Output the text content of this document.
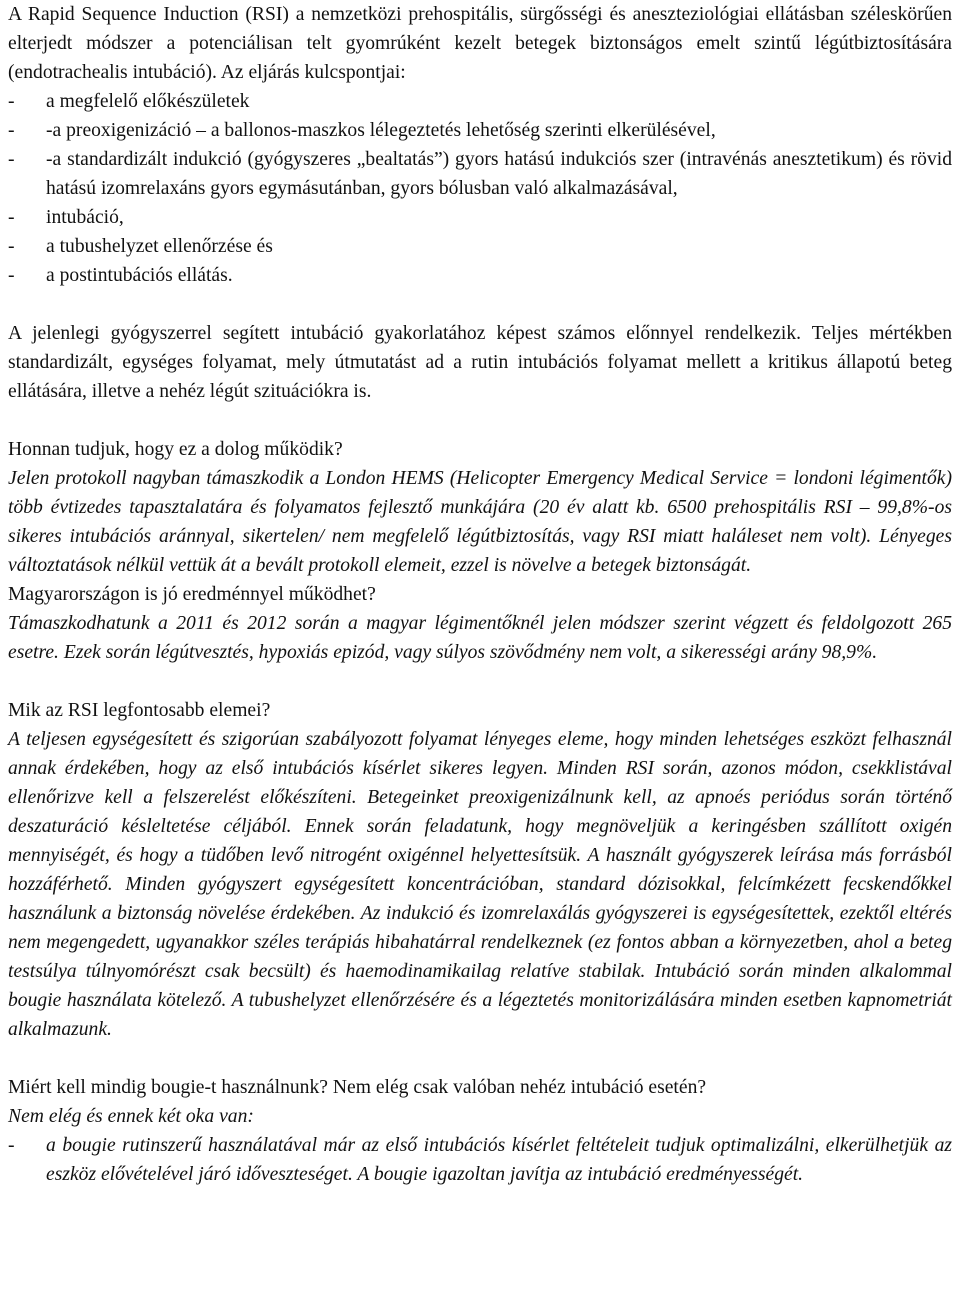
A Rapid Sequence Induction (RSI) a nemzetközi prehospitális, sürgősségi és aneszteziológiai ellátásban széleskörűen elterjedt módszer a potenciálisan telt gyomrúként kezelt betegek biztonságos emelt szintű légútbiztosítására (endotrachealis intubáció). Az eljárás kulcspontjai:

-	a megfelelő előkészületek
-	-a preoxigenizáció – a ballonos-maszkos lélegeztetés lehetőség szerinti elkerülésével,
-	-a standardizált indukció (gyógyszeres „bealtatás”) gyors hatású indukciós szer (intravénás anesztetikum) és rövid hatású izomrelaxáns gyors egymásutánban, gyors bólusban való alkalmazásával,
-	intubáció,
-	a tubushelyzet ellenőrzése és
-	a postintubációs ellátás.

A jelenlegi gyógyszerrel segített intubáció gyakorlatához képest számos előnnyel rendelkezik. Teljes mértékben standardizált, egységes folyamat, mely útmutatást ad a rutin intubációs folyamat mellett a kritikus állapotú beteg ellátására, illetve a nehéz légút szituációkra is.

Honnan tudjuk, hogy ez a dolog működik?

Jelen protokoll nagyban támaszkodik a London HEMS (Helicopter Emergency Medical Service = londoni légimentők) több évtizedes tapasztalatára és folyamatos fejlesztő munkájára (20 év alatt kb. 6500 prehospitális RSI – 99,8%-os sikeres intubációs aránnyal, sikertelen/ nem megfelelő légútbiztosítás, vagy RSI miatt haláleset nem volt). Lényeges változtatások nélkül vettük át a bevált protokoll elemeit, ezzel is növelve a betegek biztonságát.

Magyarországon is jó eredménnyel működhet?

Támaszkodhatunk a 2011 és 2012 során a magyar légimentőknél jelen módszer szerint végzett és feldolgozott 265 esetre. Ezek során légútvesztés, hypoxiás epizód, vagy súlyos szövődmény nem volt, a sikerességi arány 98,9%.

Mik az RSI legfontosabb elemei?

A teljesen egységesített és szigorúan szabályozott folyamat lényeges eleme, hogy minden lehetséges eszközt felhasznál annak érdekében, hogy az első intubációs kísérlet sikeres legyen. Minden RSI során, azonos módon, csekklistával ellenőrizve kell a felszerelést előkészíteni. Betegeinket preoxigenizálnunk kell, az apnoés periódus során történő deszaturáció késleltetése céljából. Ennek során feladatunk, hogy megnöveljük a keringésben szállított oxigén mennyiségét, és hogy a tüdőben levő nitrogént oxigénnel helyettesítsük. A használt gyógyszerek leírása más forrásból hozzáférhető. Minden gyógyszert egységesített koncentrációban, standard dózisokkal, felcímkézett fecskendőkkel használunk a biztonság növelése érdekében. Az indukció és izomrelaxálás gyógyszerei is egységesítettek, ezektől eltérés nem megengedett, ugyanakkor széles terápiás hibahatárral rendelkeznek (ez fontos abban a környezetben, ahol a beteg testsúlya túlnyomórészt csak becsült) és haemodinamikailag relatíve stabilak. Intubáció során minden alkalommal bougie használata kötelező. A tubushelyzet ellenőrzésére és a légeztetés monitorizálására minden esetben kapnometriát alkalmazunk.

Miért kell mindig bougie-t használnunk? Nem elég csak valóban nehéz intubáció esetén?

Nem elég és ennek két oka van:

-	a bougie rutinszerű használatával már az első intubációs kísérlet feltételeit tudjuk optimalizálni, elkerülhetjük az eszköz elővételével járó időveszteséget. A bougie igazoltan javítja az intubáció eredményességét.
